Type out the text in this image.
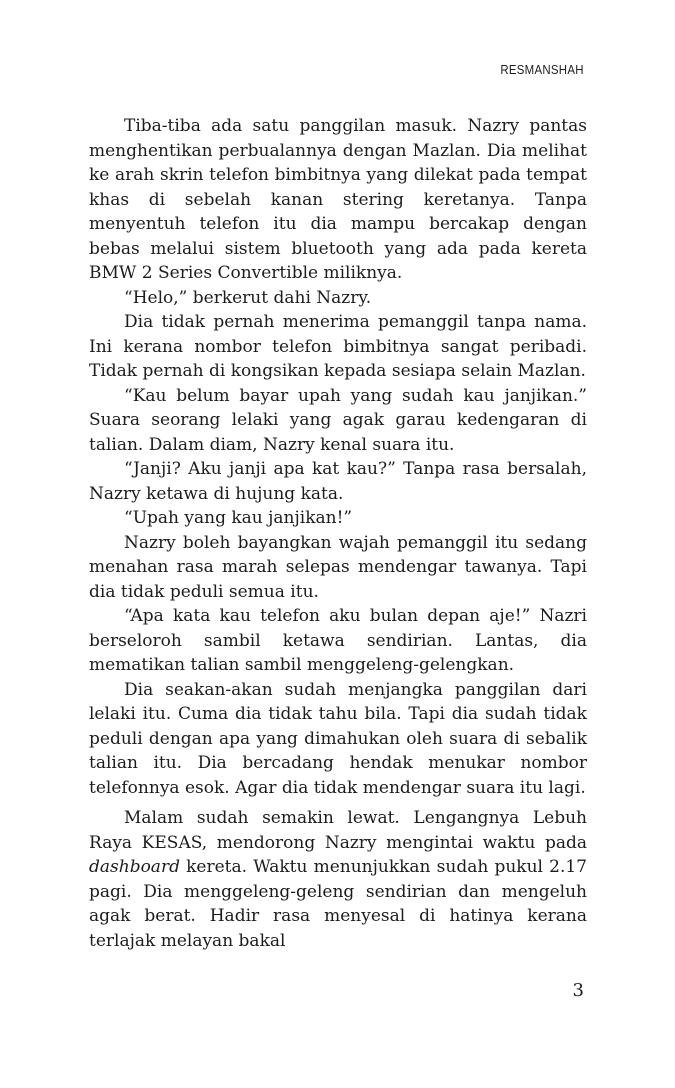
RESMANSHAH

Tiba-tiba ada satu panggilan masuk. Nazry pantas menghentikan perbualannya dengan Mazlan. Dia melihat ke arah skrin telefon bimbitnya yang dilekat pada tempat khas di sebelah kanan stering keretanya. Tanpa menyentuh telefon itu dia mampu bercakap dengan bebas melalui sistem bluetooth yang ada pada kereta BMW 2 Series Convertible miliknya.

“Helo,” berkerut dahi Nazry.

Dia tidak pernah menerima pemanggil tanpa nama. Ini kerana nombor telefon bimbitnya sangat peribadi. Tidak pernah di kongsikan kepada sesiapa selain Mazlan.

“Kau belum bayar upah yang sudah kau janjikan.” Suara seorang lelaki yang agak garau kedengaran di talian. Dalam diam, Nazry kenal suara itu.

“Janji? Aku janji apa kat kau?” Tanpa rasa bersalah, Nazry ketawa di hujung kata.

“Upah yang kau janjikan!”

Nazry boleh bayangkan wajah pemanggil itu sedang menahan rasa marah selepas mendengar tawanya. Tapi dia tidak peduli semua itu.

“Apa kata kau telefon aku bulan depan aje!” Nazri berseloroh sambil ketawa sendirian. Lantas, dia mematikan talian sambil menggeleng-gelengkan.

Dia seakan-akan sudah menjangka panggilan dari lelaki itu. Cuma dia tidak tahu bila. Tapi dia sudah tidak peduli dengan apa yang dimahukan oleh suara di sebalik talian itu. Dia bercadang hendak menukar nombor telefonnya esok. Agar dia tidak mendengar suara itu lagi.

Malam sudah semakin lewat. Lengangnya Lebuh Raya KESAS, mendorong Nazry mengintai waktu pada dashboard kereta. Waktu menunjukkan sudah pukul 2.17 pagi. Dia menggeleng-geleng sendirian dan mengeluh agak berat. Hadir rasa menyesal di hatinya kerana terlajak melayan bakal

3
